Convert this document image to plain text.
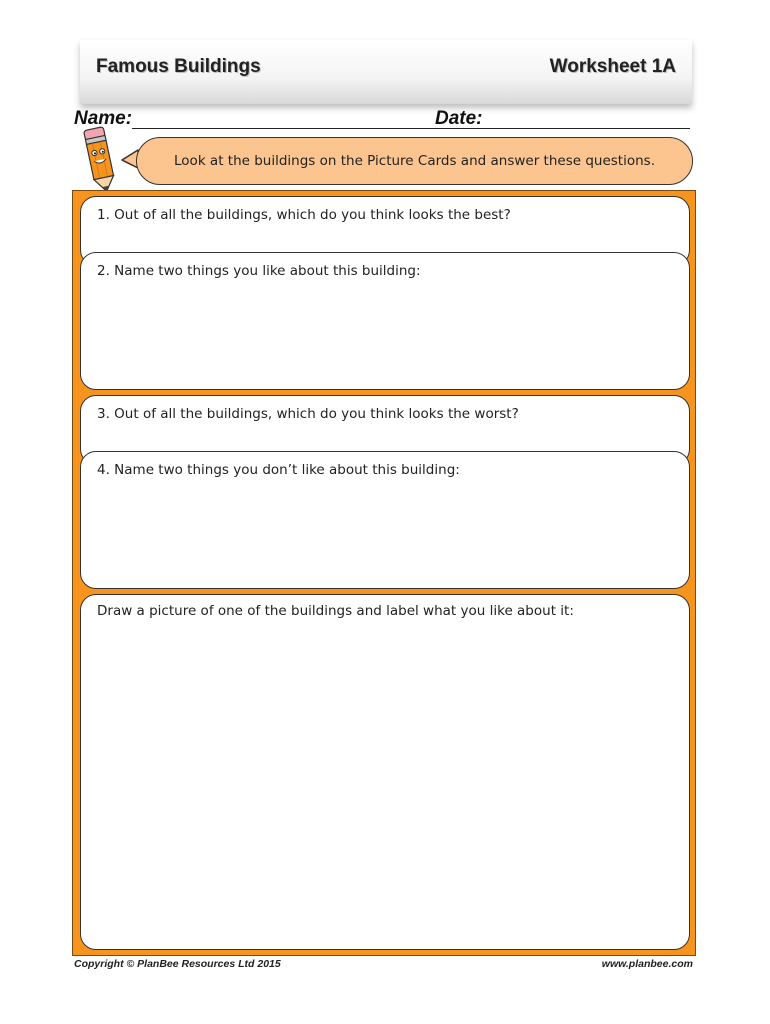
Famous Buildings	Worksheet 1A
Name:	Date:
Look at the buildings on the Picture Cards and answer these questions.
1. Out of all the buildings, which do you think looks the best?
2. Name two things you like about this building:
3. Out of all the buildings, which do you think looks the worst?
4. Name two things you don’t like about this building:
Draw a picture of one of the buildings and label what you like about it:
Copyright © PlanBee Resources Ltd 2015	www.planbee.com
